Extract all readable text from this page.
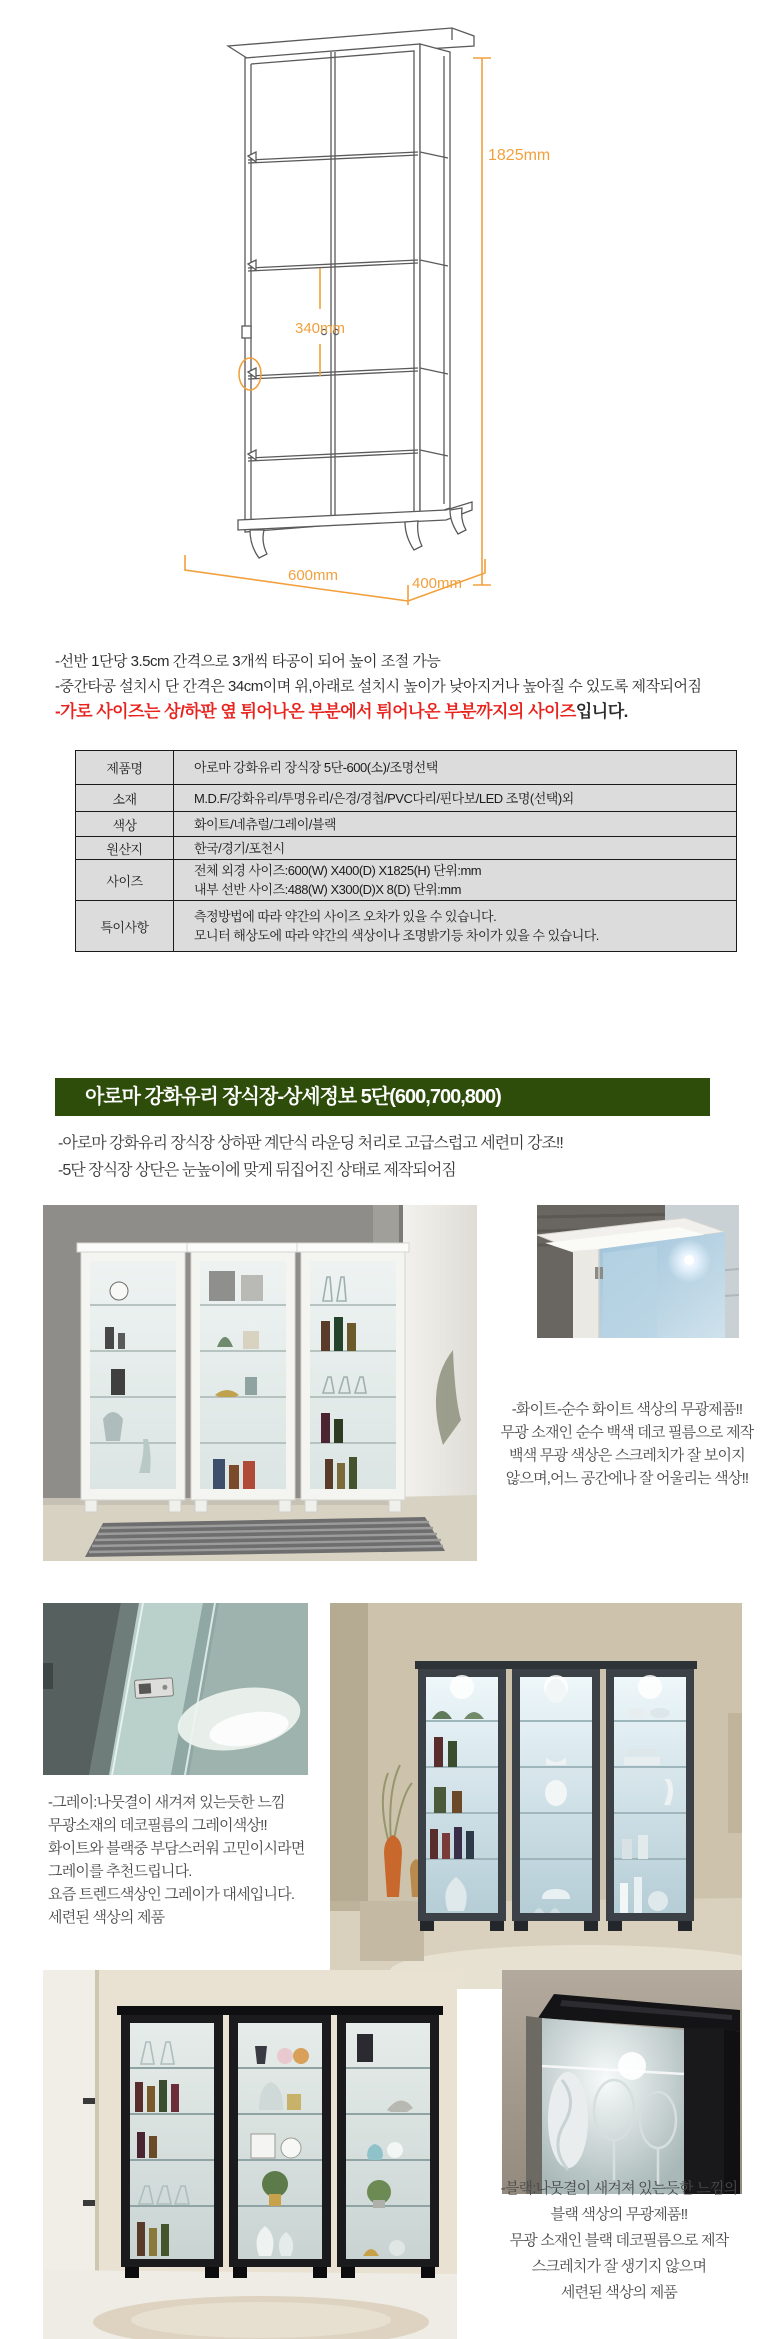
340mm
1825mm
600mm	400mm
-선반 1단당 3.5cm 간격으로 3개씩 타공이 되어 높이 조절 가능
-중간타공 설치시 단 간격은 34cm이며 위,아래로 설치시 높이가 낮아지거나 높아질 수 있도록 제작되어짐
-가로 사이즈는 상/하판 옆 튀어나온 부분에서 튀어나온 부분까지의 사이즈입니다.
제품명	아로마 강화유리 장식장 5단-600(소)/조명선택

소재	M.D.F/강화유리/투명유리/은경/경첩/PVC다리/핀다보/LED 조명(선택)외

색상	화이트/네츄럴/그레이/블랙

원산지	한국/경기/포천시

사이즈	전체 외경 사이즈:600(W) X400(D) X1825(H) 단위:mm
내부 선반 사이즈:488(W) X300(D)X 8(D) 단위:mm

특이사항	측정방법에 따라 약간의 사이즈 오차가 있을 수 있습니다.
모니터 해상도에 따라 약간의 색상이나 조명밝기등 차이가 있을 수 있습니다.
아로마 강화유리 장식장-상세정보 5단(600,700,800)
-아로마 강화유리 장식장 상하판 계단식 라운딩 처리로 고급스럽고 세련미 강조!!
-5단 장식장 상단은 눈높이에 맞게 뒤집어진 상태로 제작되어짐
-화이트-순수 화이트 색상의 무광제품!!
무광 소재인 순수 백색 데코 필름으로 제작
백색 무광 색상은 스크레치가 잘 보이지
않으며,어느 공간에나 잘 어울리는 색상!!
-그레이:나뭇결이 새겨져 있는듯한 느낌
무광소재의 데코필름의 그레이색상!!
화이트와 블랙중 부담스러워 고민이시라면
그레이를 추천드립니다.
요즘 트렌드색상인 그레이가 대세입니다.
세련된 색상의 제품
-블랙:나뭇결이 새겨져 있는듯한 느낌의
블랙 색상의 무광제품!!
무광 소재인 블랙 데코필름으로 제작
스크레치가 잘 생기지 않으며
세련된 색상의 제품
